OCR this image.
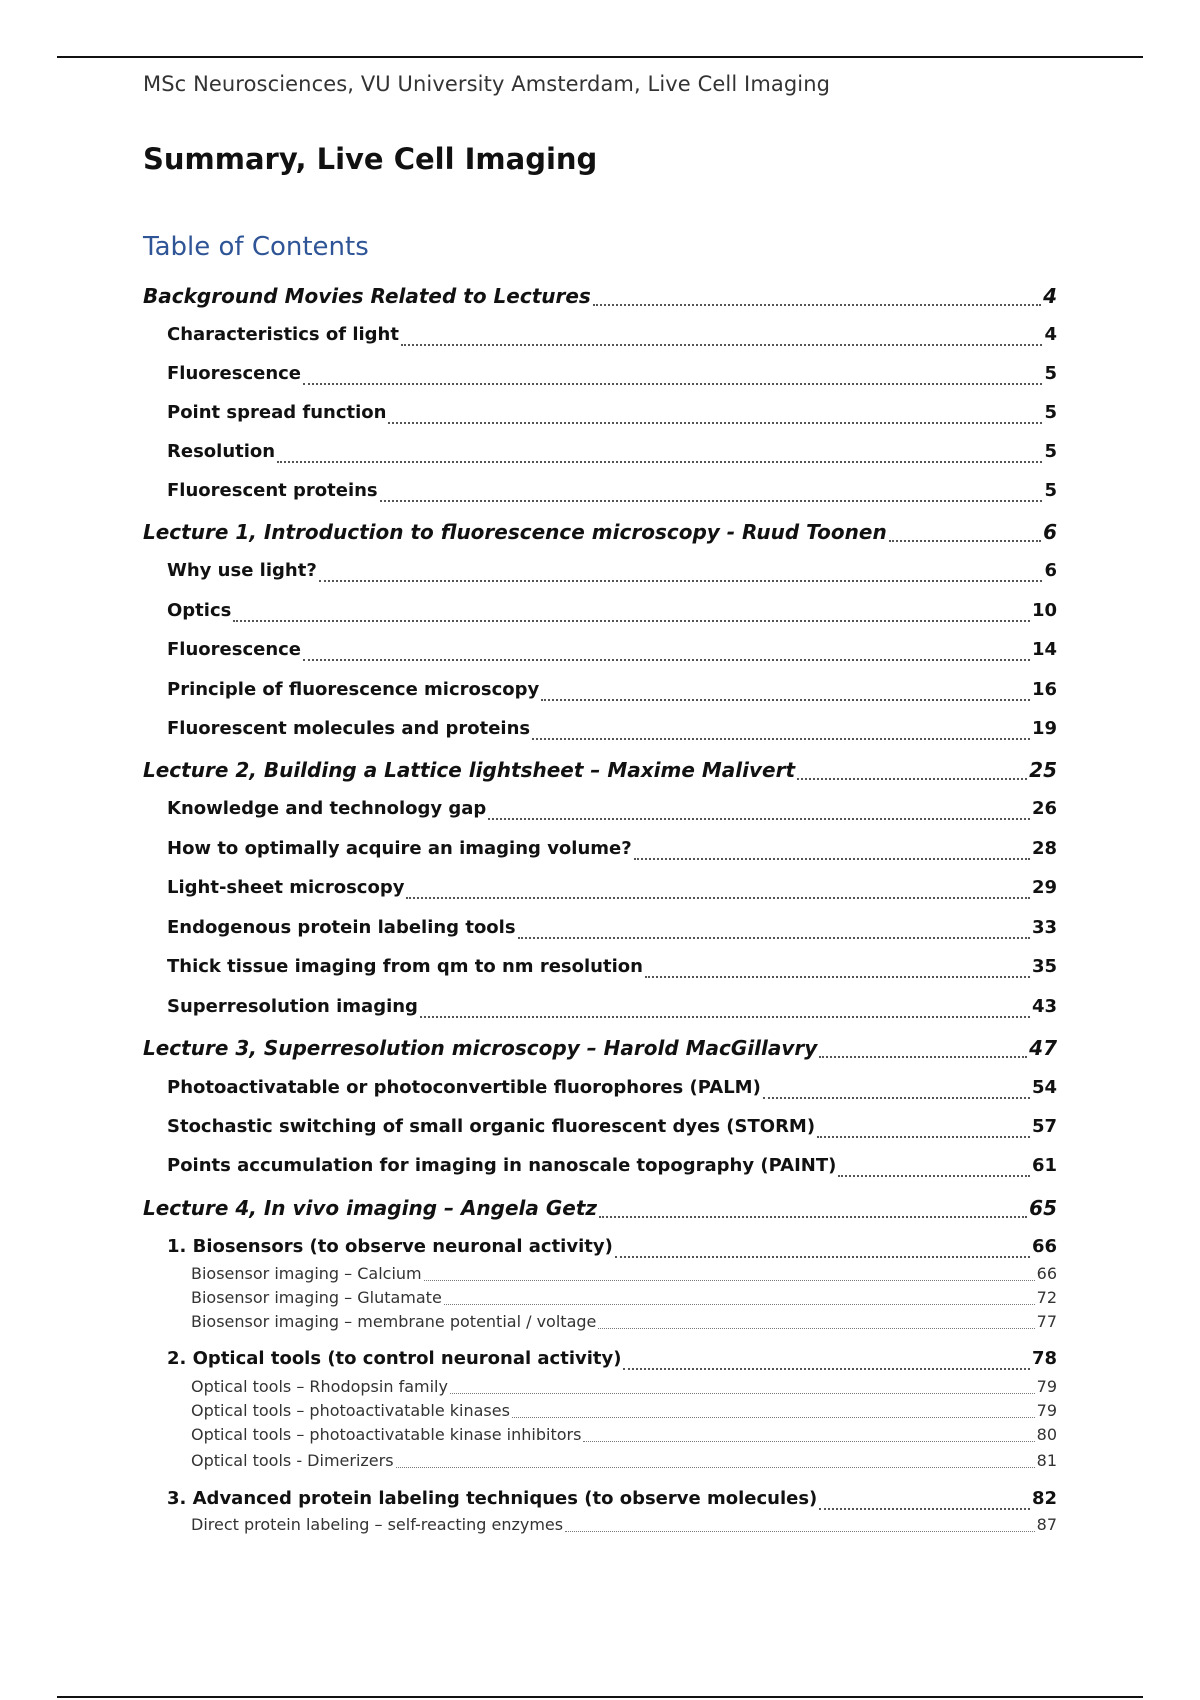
MSc Neurosciences, VU University Amsterdam, Live Cell Imaging
Summary, Live Cell Imaging
Table of Contents
Background Movies Related to Lectures	4
Characteristics of light	4
Fluorescence	5
Point spread function	5
Resolution	5
Fluorescent proteins	5
Lecture 1, Introduction to fluorescence microscopy - Ruud Toonen	6
Why use light?	6
Optics	10
Fluorescence	14
Principle of fluorescence microscopy	16
Fluorescent molecules and proteins	19
Lecture 2, Building a Lattice lightsheet – Maxime Malivert	25
Knowledge and technology gap	26
How to optimally acquire an imaging volume?	28
Light-sheet microscopy	29
Endogenous protein labeling tools	33
Thick tissue imaging from qm to nm resolution	35
Superresolution imaging	43
Lecture 3, Superresolution microscopy – Harold MacGillavry	47
Photoactivatable or photoconvertible fluorophores (PALM)	54
Stochastic switching of small organic fluorescent dyes (STORM)	57
Points accumulation for imaging in nanoscale topography (PAINT)	61
Lecture 4, In vivo imaging – Angela Getz	65
1. Biosensors (to observe neuronal activity)	66
Biosensor imaging – Calcium	66
Biosensor imaging – Glutamate	72
Biosensor imaging – membrane potential / voltage	77
2. Optical tools (to control neuronal activity)	78
Optical tools – Rhodopsin family	79
Optical tools – photoactivatable kinases	79
Optical tools – photoactivatable kinase inhibitors	80
Optical tools - Dimerizers	81
3. Advanced protein labeling techniques (to observe molecules)	82
Direct protein labeling – self-reacting enzymes	87
